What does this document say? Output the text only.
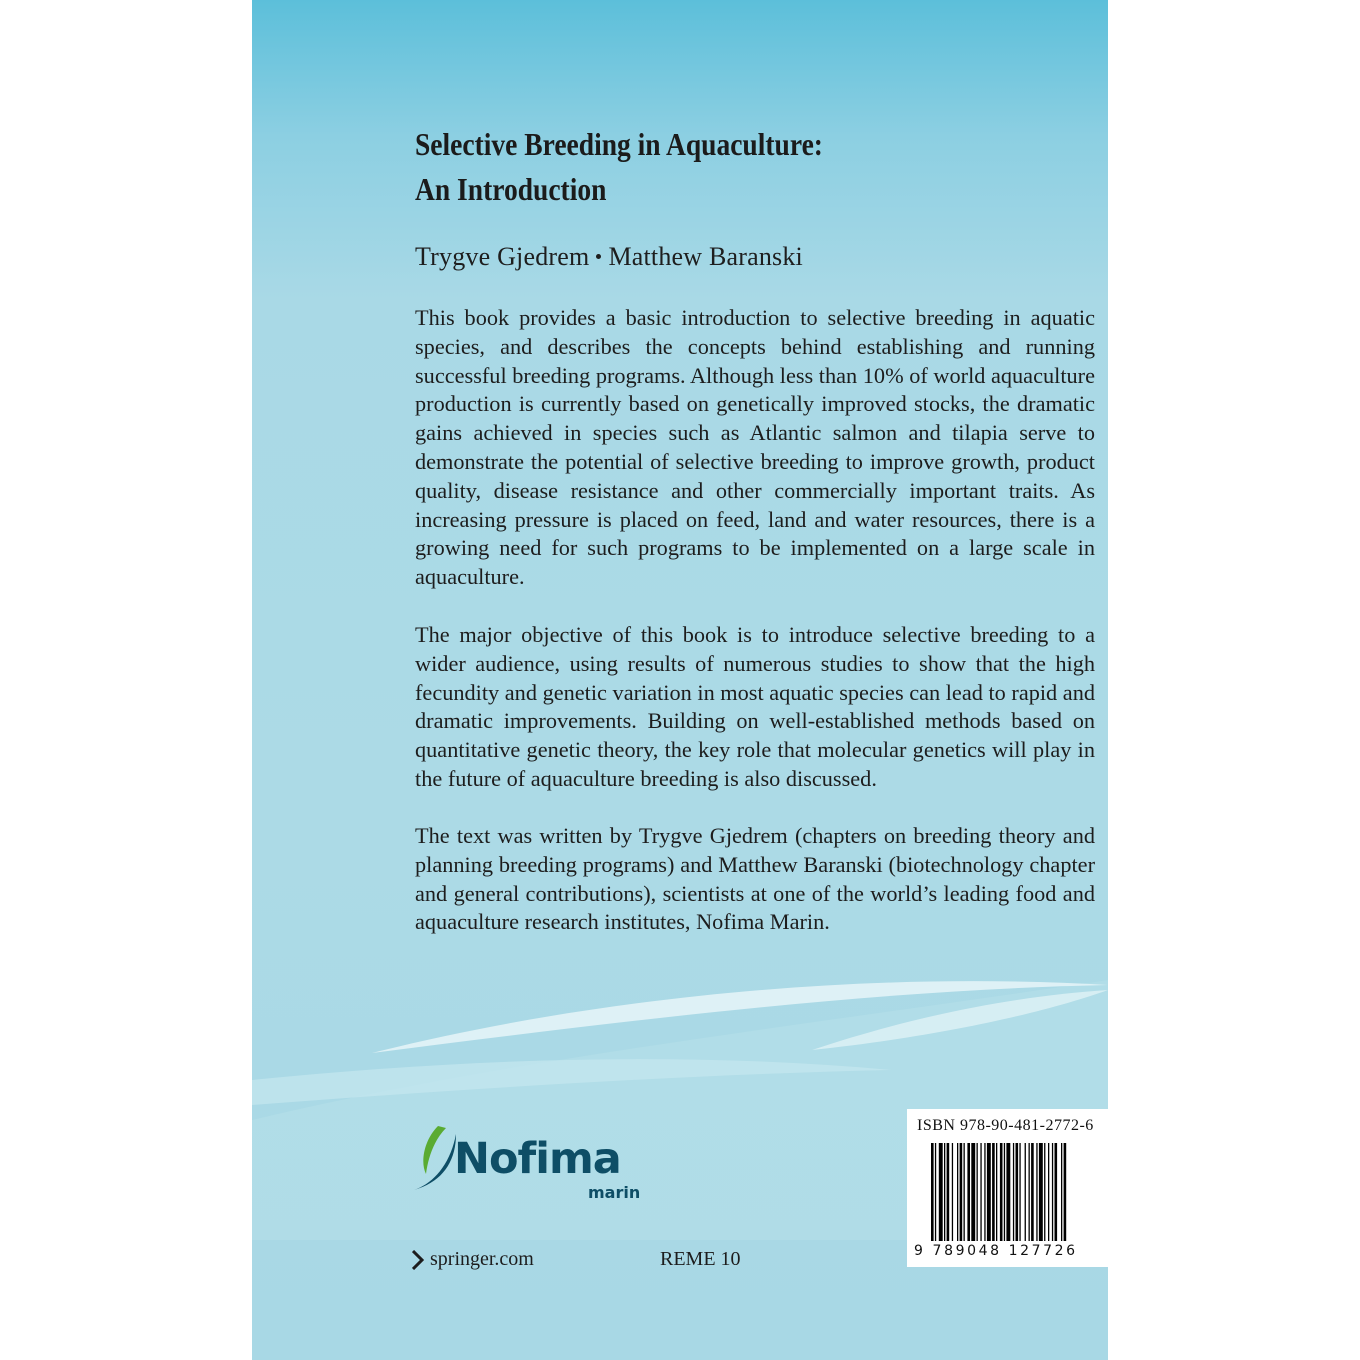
Selective Breeding in Aquaculture:
An Introduction
Trygve Gjedrem Matthew Baranski

This book provides a basic introduction to selective breeding in aquatic species, and describes the concepts behind establishing and running successful breeding programs. Although less than 10% of world aquaculture production is currently based on genetically improved stocks, the dramatic gains achieved in species such as Atlantic salmon and tilapia serve to demonstrate the potential of selective breeding to improve growth, product quality, disease resistance and other commercially important traits. As increasing pressure is placed on feed, land and water resources, there is a growing need for such programs to be implemented on a large scale in aquaculture.

The major objective of this book is to introduce selective breeding to a wider audience, using results of numerous studies to show that the high fecundity and genetic variation in most aquatic species can lead to rapid and dramatic improvements. Building on well-established methods based on quantitative genetic theory, the key role that molecular genetics will play in the future of aquaculture breeding is also discussed.

The text was written by Trygve Gjedrem (chapters on breeding theory and planning breeding programs) and Matthew Baranski (biotechnology chapter and general contributions), scientists at one of the world’s leading food and aquaculture research institutes, Nofima Marin.

Nofima
marin
springer.com	REME 10
ISBN 978-90-481-2772-6
9 789048 127726
